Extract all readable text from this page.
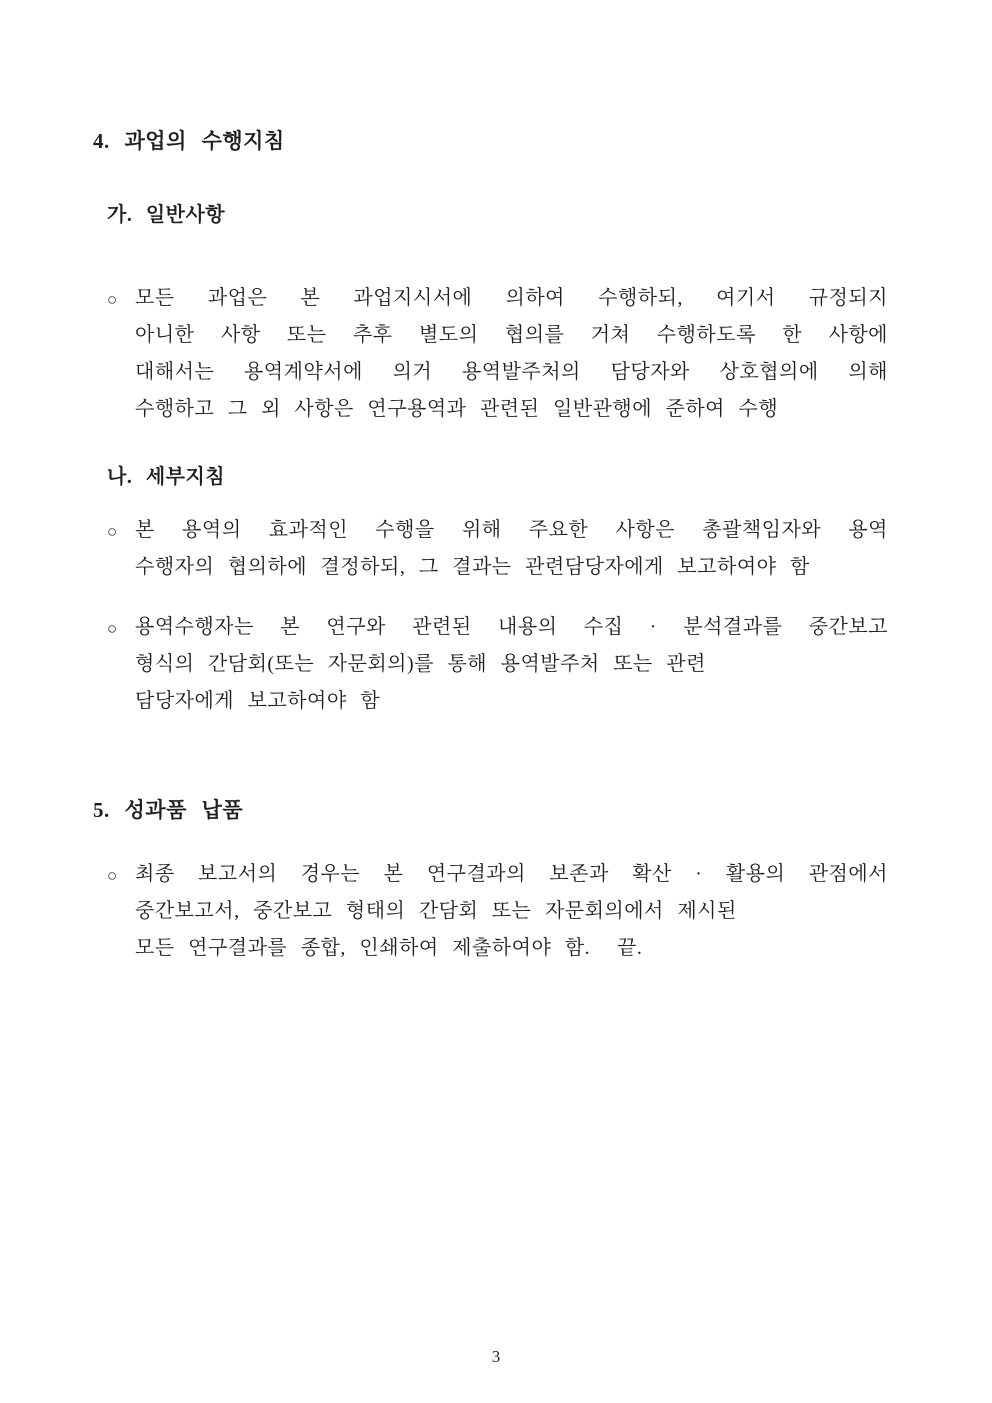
4. 과업의 수행지침
가. 일반사항
○ 모든 과업은 본 과업지시서에 의하여 수행하되, 여기서 규정되지
아니한 사항 또는 추후 별도의 협의를 거쳐 수행하도록 한 사항에
대해서는 용역계약서에 의거 용역발주처의 담당자와 상호협의에 의해
수행하고 그 외 사항은 연구용역과 관련된 일반관행에 준하여 수행
나. 세부지침
○ 본 용역의 효과적인 수행을 위해 주요한 사항은 총괄책임자와 용역
수행자의 협의하에 결정하되, 그 결과는 관련담당자에게 보고하여야 함
○ 용역수행자는 본 연구와 관련된 내용의 수집 · 분석결과를 중간보고
형식의 간담회(또는 자문회의)를 통해 용역발주처 또는 관련
담당자에게 보고하여야 함
5. 성과품 납품
○ 최종 보고서의 경우는 본 연구결과의 보존과 확산 · 활용의 관점에서
중간보고서, 중간보고 형태의 간담회 또는 자문회의에서 제시된
모든 연구결과를 종합, 인쇄하여 제출하여야 함.  끝.
3
